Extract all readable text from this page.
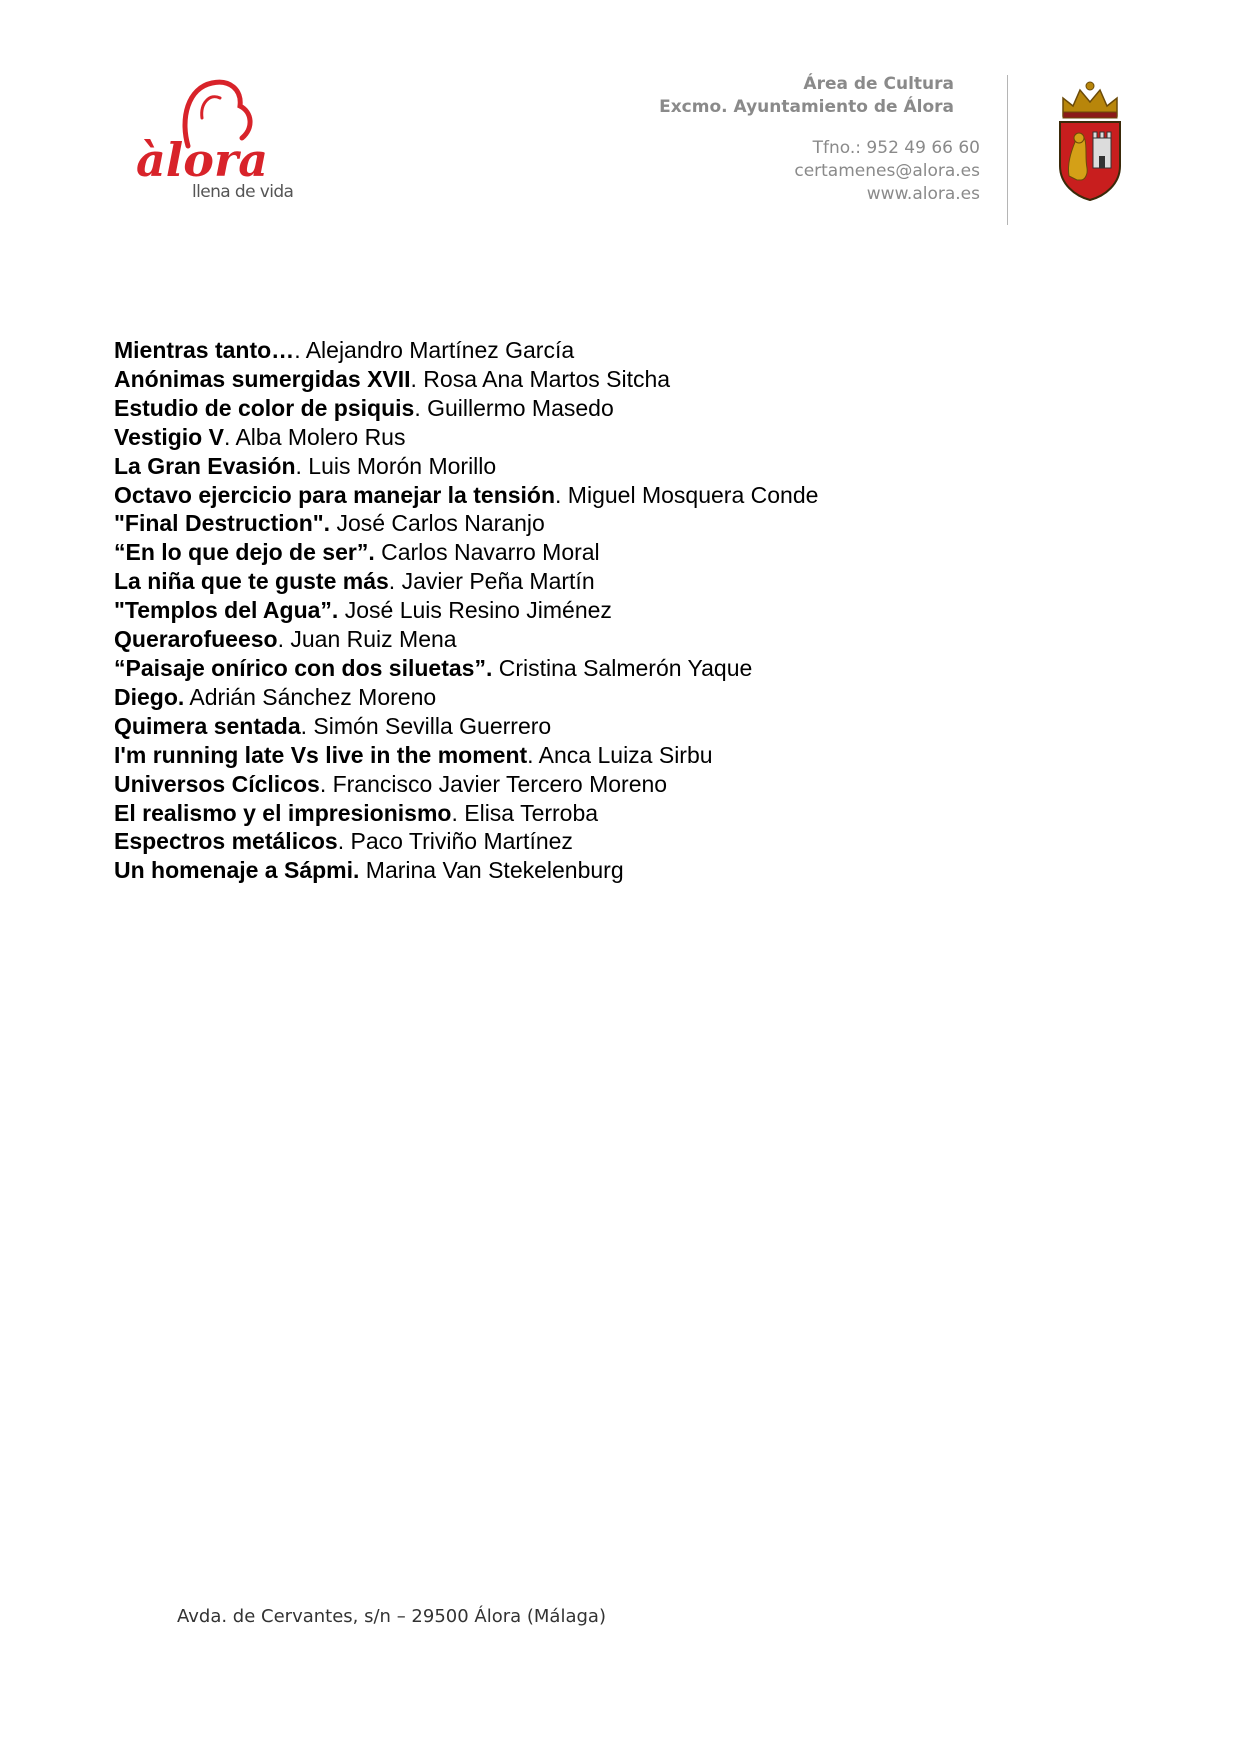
àlora
llena de vida
Área de Cultura
Excmo. Ayuntamiento de Álora
Tfno.: 952 49 66 60
certamenes@alora.es
www.alora.es
Mientras tanto…. Alejandro Martínez García
Anónimas sumergidas XVII. Rosa Ana Martos Sitcha
Estudio de color de psiquis. Guillermo Masedo
Vestigio V. Alba Molero Rus
La Gran Evasión. Luis Morón Morillo
Octavo ejercicio para manejar la tensión. Miguel Mosquera Conde
"Final Destruction". José Carlos Naranjo
“En lo que dejo de ser”. Carlos Navarro Moral
La niña que te guste más. Javier Peña Martín
"Templos del Agua”. José Luis Resino Jiménez
Querarofueeso. Juan Ruiz Mena
“Paisaje onírico con dos siluetas”. Cristina Salmerón Yaque
Diego. Adrián Sánchez Moreno
Quimera sentada. Simón Sevilla Guerrero
I'm running late Vs live in the moment. Anca Luiza Sirbu
Universos Cíclicos. Francisco Javier Tercero Moreno
El realismo y el impresionismo. Elisa Terroba
Espectros metálicos. Paco Triviño Martínez
Un homenaje a Sápmi. Marina Van Stekelenburg
Avda. de Cervantes, s/n – 29500 Álora (Málaga)
